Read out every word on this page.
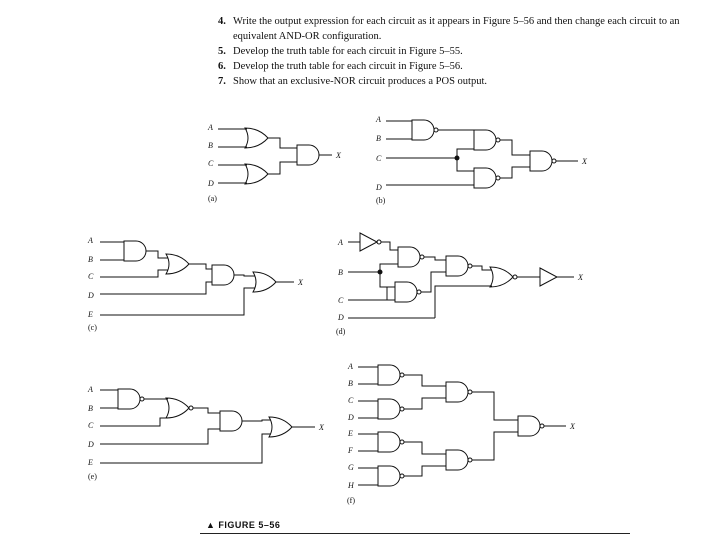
4. Write the output expression for each circuit as it appears in Figure 5–56 and then change each circuit to an equivalent AND-OR configuration.
5. Develop the truth table for each circuit in Figure 5–55.
6. Develop the truth table for each circuit in Figure 5–56.
7. Show that an exclusive-NOR circuit produces a POS output.
A
B
C
D
X
(a)
A
B
C
D
X
(b)
A
B
C
D
E
X
(c)
A
B
C
D
X
(d)
A
B
C
D
E
X
(e)
A
B
C
D
E
F
G
H
X
(f)
▲ FIGURE 5–56
